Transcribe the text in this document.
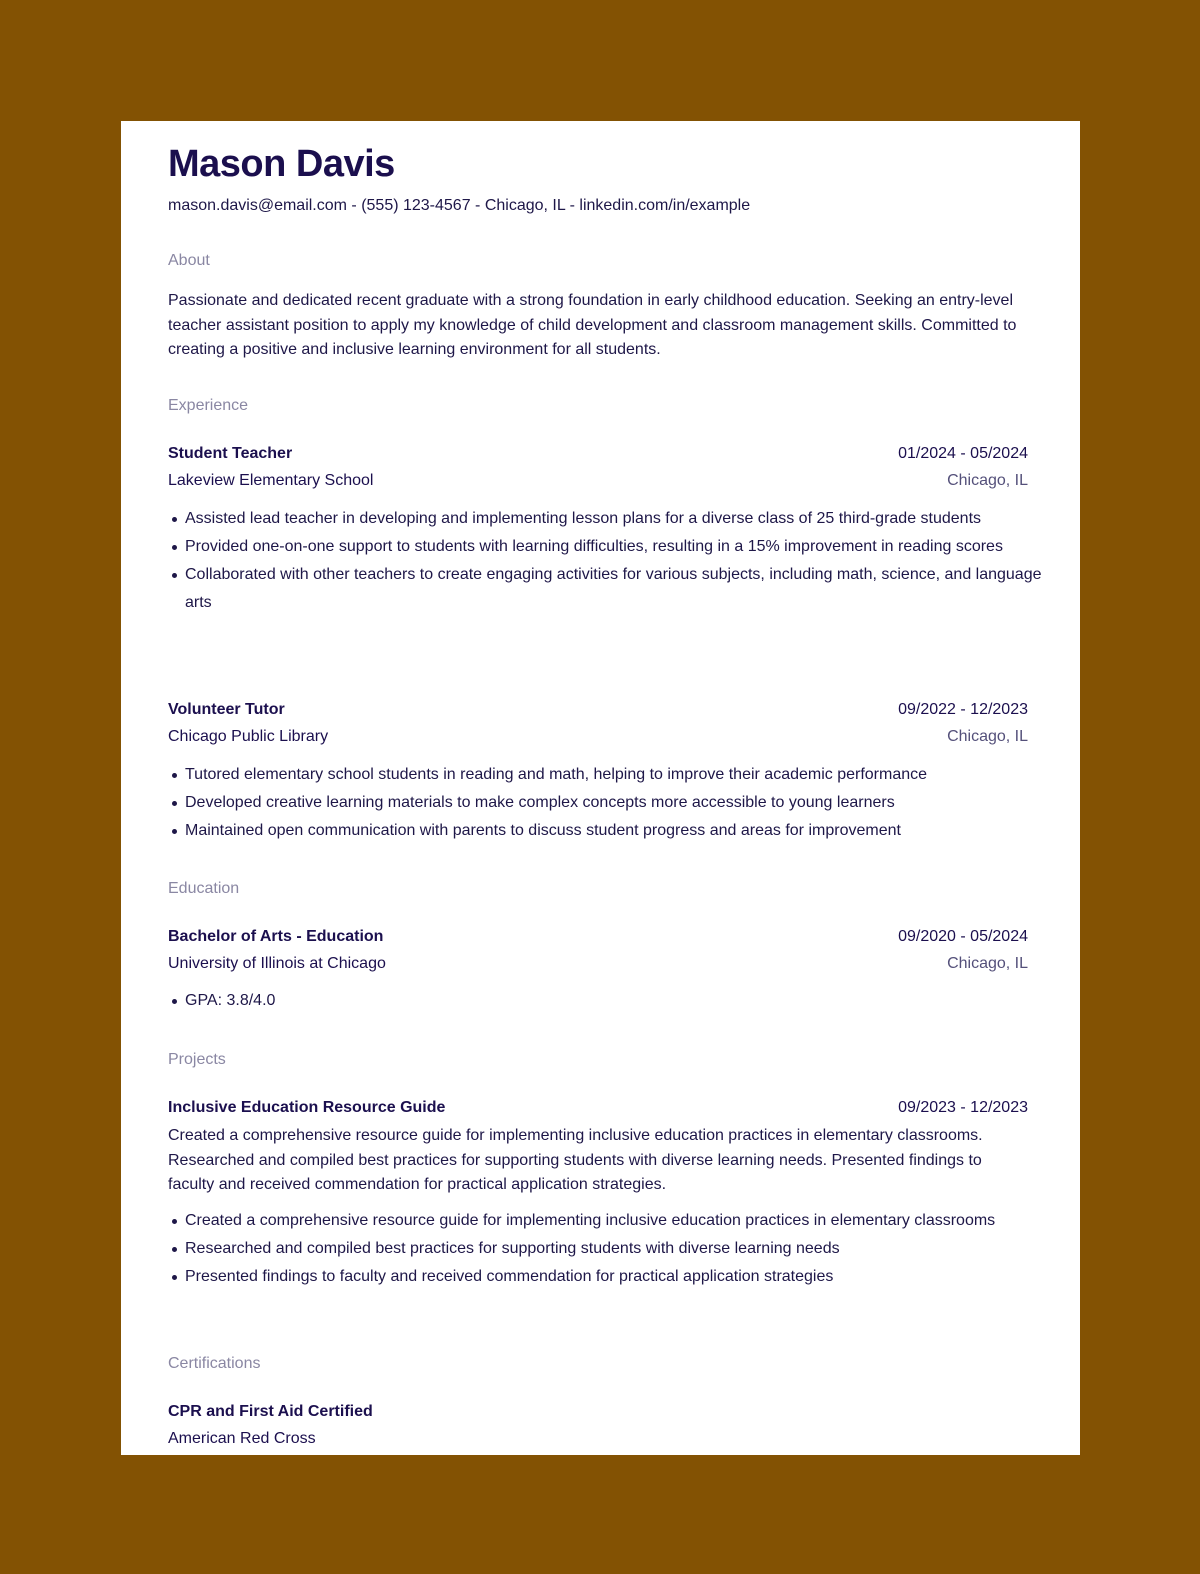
Mason Davis
mason.davis@email.com - (555) 123-4567 - Chicago, IL - linkedin.com/in/example
About

Passionate and dedicated recent graduate with a strong foundation in early childhood education. Seeking an entry-level teacher assistant position to apply my knowledge of child development and classroom management skills. Committed to creating a positive and inclusive learning environment for all students.

Experience
Student Teacher	01/2024 - 05/2024
Lakeview Elementary School	Chicago, IL
Assisted lead teacher in developing and implementing lesson plans for a diverse class of 25 third-grade students
Provided one-on-one support to students with learning difficulties, resulting in a 15% improvement in reading scores
Collaborated with other teachers to create engaging activities for various subjects, including math, science, and language arts
Volunteer Tutor	09/2022 - 12/2023
Chicago Public Library	Chicago, IL
Tutored elementary school students in reading and math, helping to improve their academic performance
Developed creative learning materials to make complex concepts more accessible to young learners
Maintained open communication with parents to discuss student progress and areas for improvement
Education
Bachelor of Arts - Education	09/2020 - 05/2024
University of Illinois at Chicago	Chicago, IL
GPA: 3.8/4.0
Projects
Inclusive Education Resource Guide	09/2023 - 12/2023

Created a comprehensive resource guide for implementing inclusive education practices in elementary classrooms. Researched and compiled best practices for supporting students with diverse learning needs. Presented findings to faculty and received commendation for practical application strategies.

Created a comprehensive resource guide for implementing inclusive education practices in elementary classrooms
Researched and compiled best practices for supporting students with diverse learning needs
Presented findings to faculty and received commendation for practical application strategies
Certifications
CPR and First Aid Certified
American Red Cross
